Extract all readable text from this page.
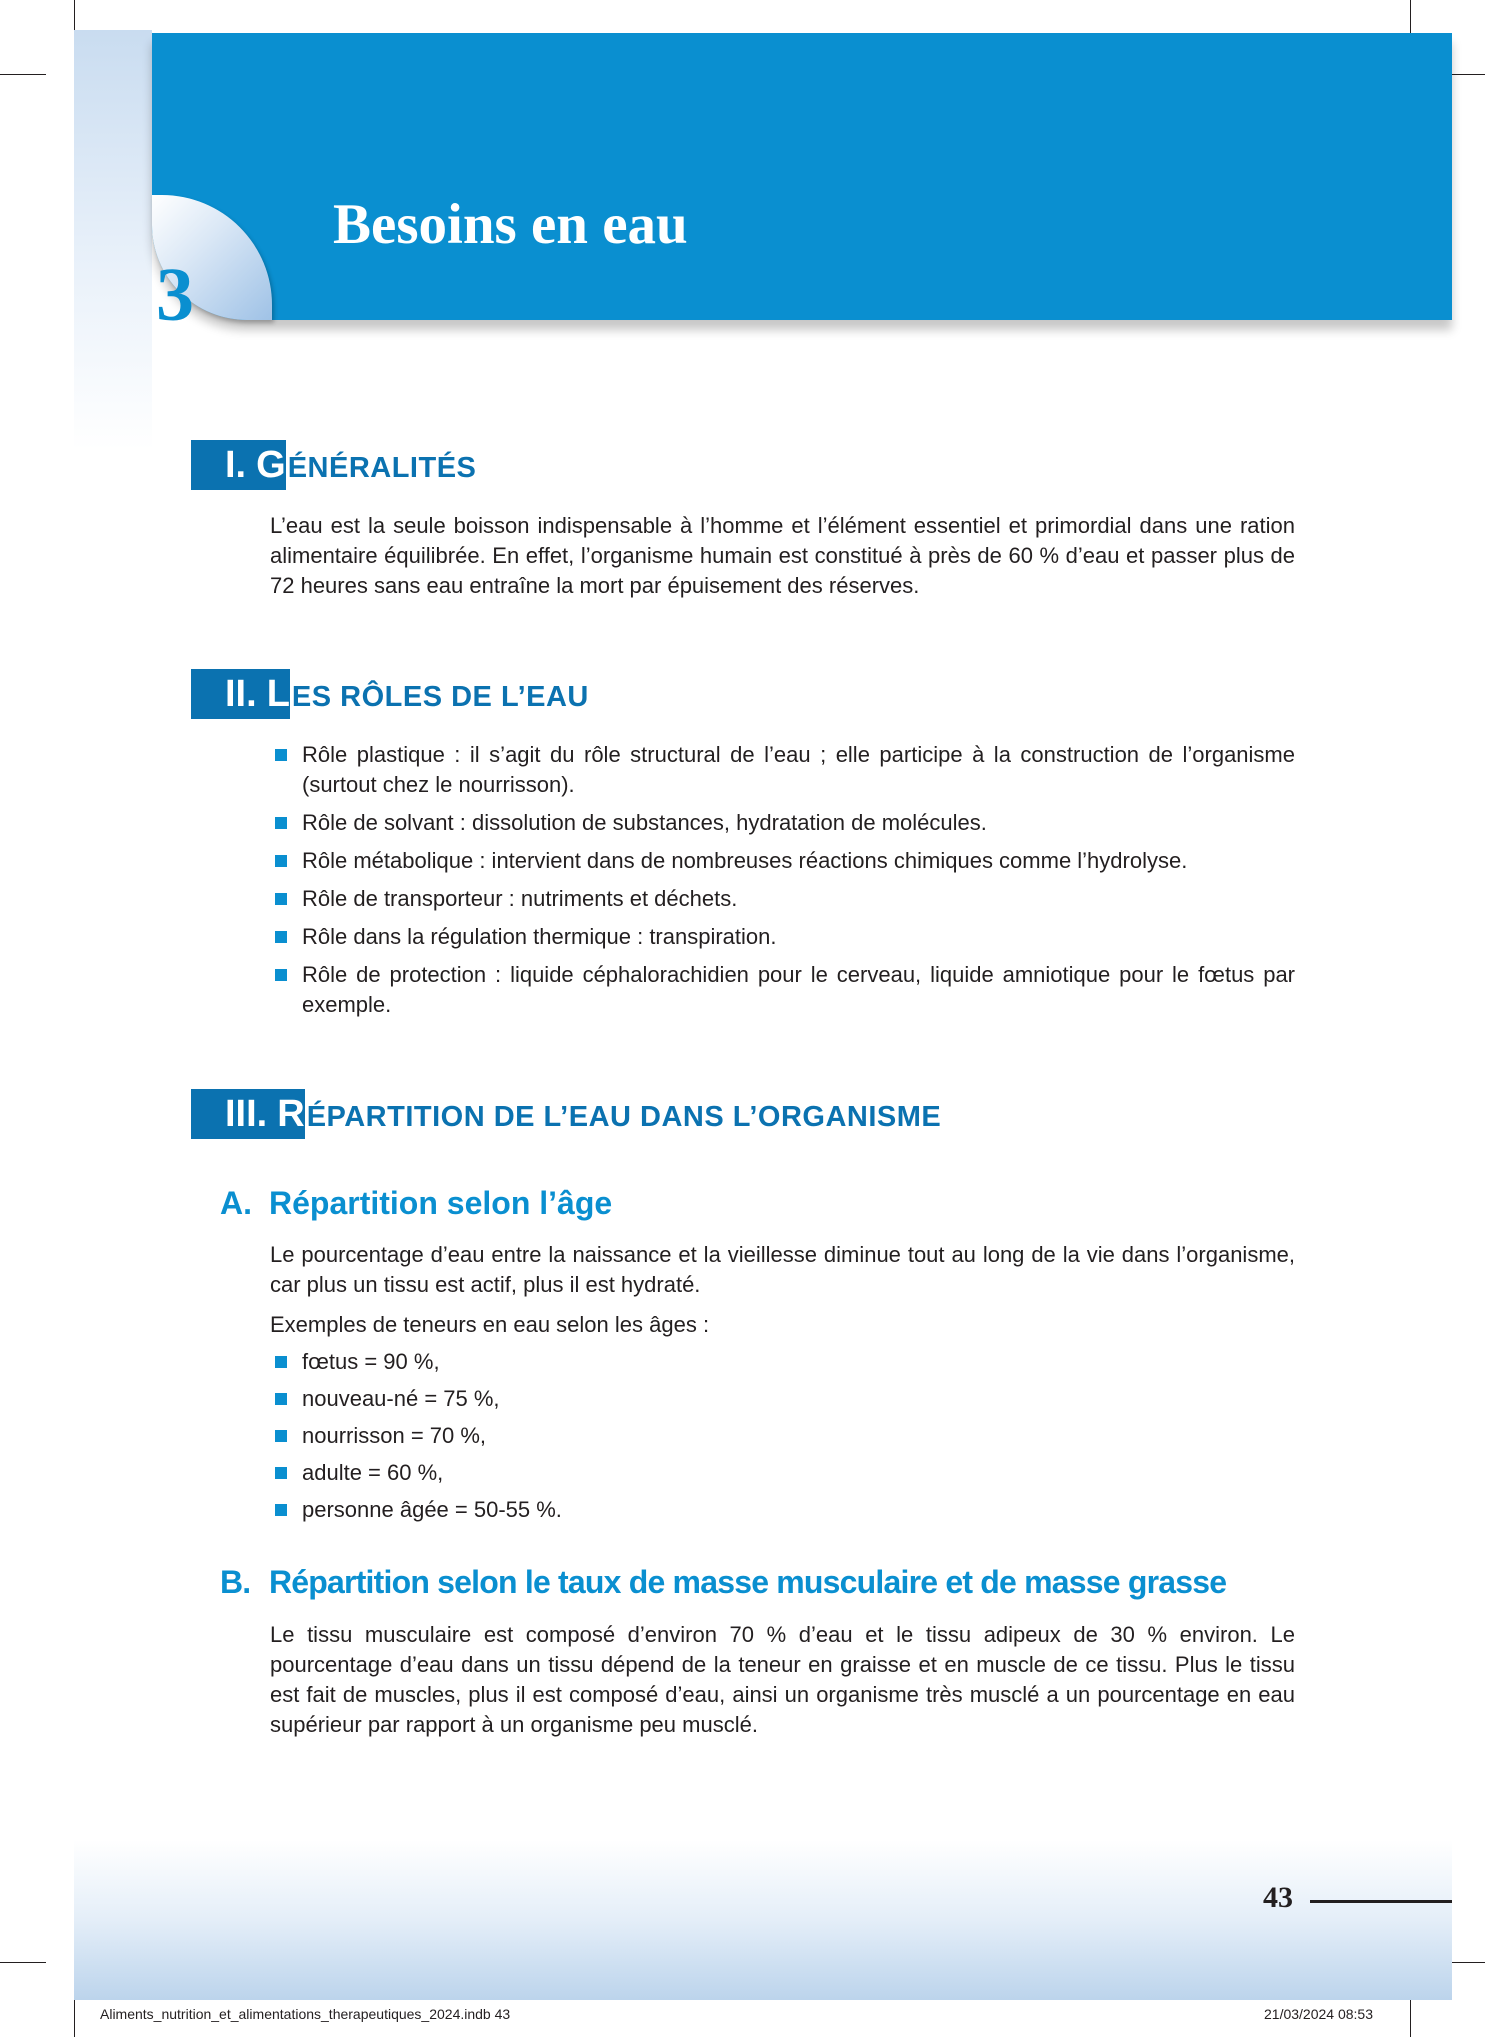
Besoins en eau
3
I. G ÉNÉRALITÉS

L’eau est la seule boisson indispensable à l’homme et l’élément essentiel et primordial dans une ration alimentaire équilibrée. En effet, l’organisme humain est constitué à près de 60 % d’eau et passer plus de 72 heures sans eau entraîne la mort par épuisement des réserves.

II. L ES RÔLES DE L’EAU
Rôle plastique : il s’agit du rôle structural de l’eau ; elle participe à la construction de l’organisme (surtout chez le nourrisson).
Rôle de solvant : dissolution de substances, hydratation de molécules.
Rôle métabolique : intervient dans de nombreuses réactions chimiques comme l’hydrolyse.
Rôle de transporteur : nutriments et déchets.
Rôle dans la régulation thermique : transpiration.
Rôle de protection : liquide céphalorachidien pour le cerveau, liquide amniotique pour le fœtus par exemple.
III. R ÉPARTITION DE L’EAU DANS L’ORGANISME
A. Répartition selon l’âge

Le pourcentage d’eau entre la naissance et la vieillesse diminue tout au long de la vie dans l’organisme, car plus un tissu est actif, plus il est hydraté.

Exemples de teneurs en eau selon les âges :

fœtus = 90 %,
nouveau-né = 75 %,
nourrisson = 70 %,
adulte = 60 %,
personne âgée = 50-55 %.
B. Répartition selon le taux de masse musculaire et de masse grasse

Le tissu musculaire est composé d’environ 70 % d’eau et le tissu adipeux de 30 % environ. Le pourcentage d’eau dans un tissu dépend de la teneur en graisse et en muscle de ce tissu. Plus le tissu est fait de muscles, plus il est composé d’eau, ainsi un organisme très musclé a un pourcentage en eau supérieur par rapport à un organisme peu musclé.

43
Aliments_nutrition_et_alimentations_therapeutiques_2024.indb 43	21/03/2024 08:53
